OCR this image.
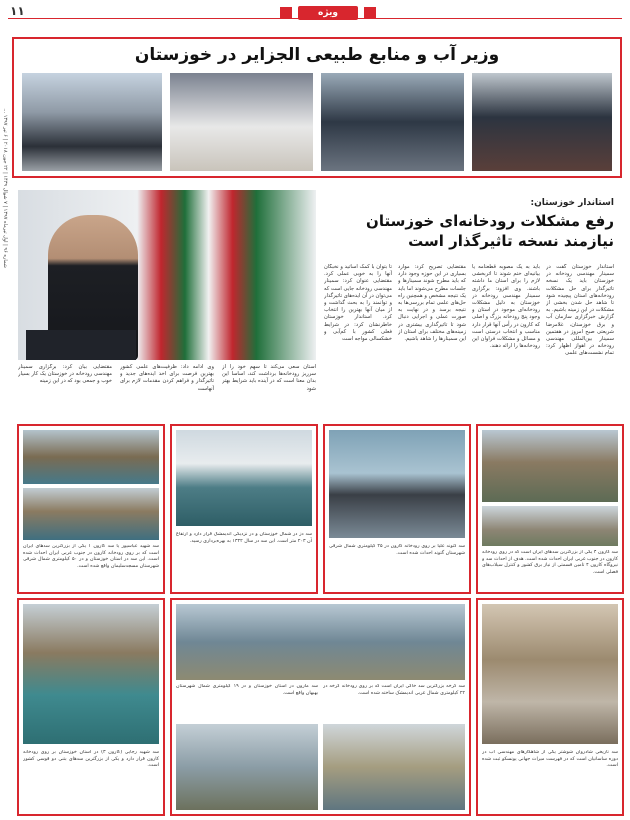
١١	ویژه
شماره ۹۶ | اول تیرماه ۱۳۹۷ | ۷ شوال ۱۴۳۹ | ۲۲ جون ۲۰۱۸ | ۶ تیر ۱۳۹۷ ...
وزیر آب و منابع طبیعی الجزایر در خوزستان
استاندار خوزستان:
رفع مشکلات رودخانه‌ای خوزستان
نیازمند نسخه تاثیرگذار است
استاندار خوزستان گفت در سمینار مهندسی رودخانه در خوزستان باید یک نسخه تاثیرگذار برای حل مشکلات رودخانه‌های استان پیچیده شود تا شاهد حل شدن بخشی از مشکلات در این زمینه باشیم. به گزارش خبرگزاری سازمان آب و برق خوزستان، غلامرضا شریعتی صبح امروز در هفتمین سمینار بین‌المللی مهندسی رودخانه در اهواز اظهار کرد: تمام نشست‌های علمی
باید به یک مصوبه قطعنامه یا بیانیه‌ای ختم شوند تا اثربخشی لازم را برای استان ما داشته باشند. وی افزود: برگزاری سمینار مهندسی رودخانه در خوزستان به دلیل مشکلات رودخانه‌ای موجود در استان و وجود پنج رودخانه بزرگ و اصلی که کارون در رأس آنها قرار دارد مناسب و انتخاب درستی است و مسائل و مشکلات فراوان این رودخانه‌ها را ارائه دهند.
مقتضایی تصریح کرد: موارد بسیاری در این حوزه وجود دارد که باید مطرح شوند سمینارها و جلسات مطرح می‌شوند اما باید یک نتیجه مشخص و همچنین راه حل‌های علمی تمام بررسی‌ها به نتیجه برسد و در نهایت به صورت عملی و اجرایی دنبال شود تا تاثیرگذاری بیشتری در زمینه‌های مختلف برای استان از این سمینارها را شاهد باشیم.
تا بتوان با کمک اساتید و نخبگان آنها را به خوبی عملی کرد. مقتضایی عنوان کرد: سمینار مهندسی رودخانه جایی است که می‌توان در آن ایده‌های تاثیرگذار و توانمند را به بحث گذاشت و از میان آنها بهترین را انتخاب کرد. استاندار خوزستان خاطرنشان کرد: در شرایط فعلی کشور با کم‌آبی و خشکسالی مواجه است
مقتضایی بیان کرد: برگزاری سمینار مهندسی رودخانه در خوزستان یک کار بسیار خوب و جمعی بود که در این زمینه
وی ادامه داد: ظرفیت‌های علمی کشور بهترین فرصت برای اخذ ایده‌های جدید و تاثیرگذار و فراهم کردن مقدمات لازم برای آنهاست
استان سعی می‌کند تا سهم خود را از سرریز رودخانه‌ها برداشت کند، اساسا این بدان معنا است که در آینده باید شرایط بهتر شود
سد کارون ۴ یکی از بزرگترین سدهای ایران است که در روی رودخانه کارون در جنوب غربی ایران احداث شده است. هدف از احداث سد و نیروگاه کارون ۴ تامین قسمتی از نیاز برق کشور و کنترل سیلاب‌های فصلی است.
سد گتوند علیا بر روی رودخانه کارون در ۲۵ کیلومتری شمال شرقی شهرستان گتوند احداث شده است.
سد دز در شمال خوزستان و در نزدیکی اندیمشک قرار دارد و ارتفاع آن ۲۰۳ متر است. این سد در سال ۱۳۴۲ به بهره‌برداری رسید.
سد شهید عباسپور یا سد کارون ۱ یکی از بزرگترین سدهای ایران است که بر روی رودخانه کارون در جنوب غربی ایران احداث شده است. این سد در استان خوزستان و در ۵۰ کیلومتری شمال شرقی شهرستان مسجدسلیمان واقع شده است.
سد تاریخی شادروان شوشتر یکی از شاهکارهای مهندسی آب در دوره ساسانیان است که در فهرست میراث جهانی یونسکو ثبت شده است.
سد کرخه بزرگترین سد خاکی ایران است که بر روی رودخانه کرخه در ۲۲ کیلومتری شمال غربی اندیمشک ساخته شده است.
سد مارون در استان خوزستان و در ۱۹ کیلومتری شمال شهرستان بهبهان واقع است.
سد شهید رجایی (کارون ۳) در استان خوزستان بر روی رودخانه کارون قرار دارد و یکی از بزرگترین سدهای بتنی دو قوسی کشور است.
